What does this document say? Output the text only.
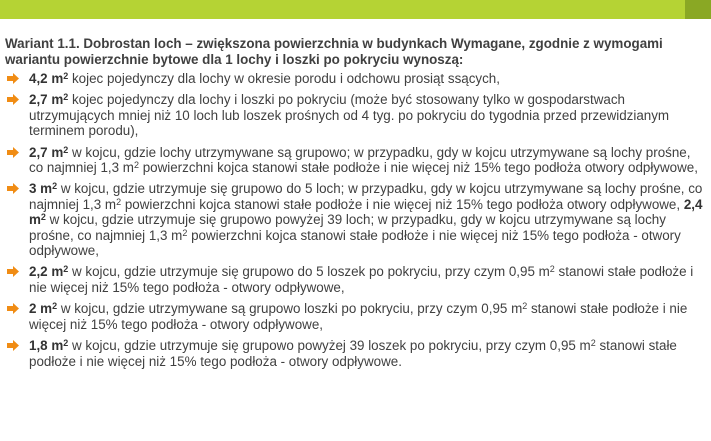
Wariant 1.1. Dobrostan loch – zwiększona powierzchnia w budynkach Wymagane, zgodnie z wymogami wariantu powierzchnie bytowe dla 1 lochy i loszki po pokryciu wynoszą:

4,2 $m^2$ kojec pojedynczy dla lochy w okresie porodu i odchowu prosiąt ssących,
2,7 $m^2$ kojec pojedynczy dla lochy i loszki po pokryciu (może być stosowany tylko w gospodarstwach utrzymujących mniej niż 10 loch lub loszek prośnych od 4 tyg. po pokryciu do tygodnia przed przewidzianym terminem porodu),
2,7 $m^2$ w kojcu, gdzie lochy utrzymywane są grupowo; w przypadku, gdy w kojcu utrzymywane są lochy prośne, co najmniej 1,3 $m^2$ powierzchni kojca stanowi stałe podłoże i nie więcej niż 15% tego podłoża otwory odpływowe,
3 $m^2$ w kojcu, gdzie utrzymuje się grupowo do 5 loch; w przypadku, gdy w kojcu utrzymywane są lochy prośne, co najmniej 1,3 $m^2$ powierzchni kojca stanowi stałe podłoże i nie więcej niż 15% tego podłoża otwory odpływowe, 2,4 $m^2$ w kojcu, gdzie utrzymuje się grupowo powyżej 39 loch; w przypadku, gdy w kojcu utrzymywane są lochy prośne, co najmniej 1,3 $m^2$ powierzchni kojca stanowi stałe podłoże i nie więcej niż 15% tego podłoża - otwory odpływowe,
2,2 $m^2$ w kojcu, gdzie utrzymuje się grupowo do 5 loszek po pokryciu, przy czym 0,95 $m^2$ stanowi stałe podłoże i nie więcej niż 15% tego podłoża - otwory odpływowe,
2 $m^2$ w kojcu, gdzie utrzymywane są grupowo loszki po pokryciu, przy czym 0,95 $m^2$ stanowi stałe podłoże i nie więcej niż 15% tego podłoża - otwory odpływowe,
1,8 $m^2$ w kojcu, gdzie utrzymuje się grupowo powyżej 39 loszek po pokryciu, przy czym 0,95 $m^2$ stanowi stałe podłoże i nie więcej niż 15% tego podłoża - otwory odpływowe.
